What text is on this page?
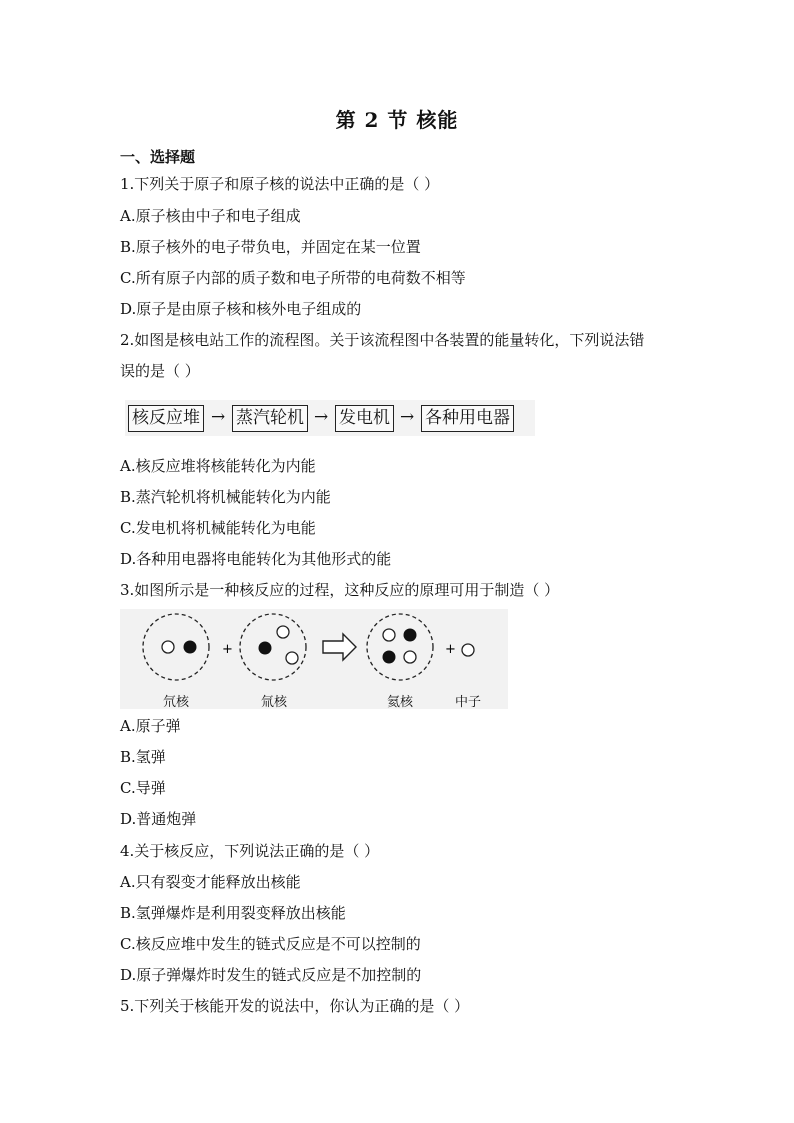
第 2 节 核能
一、选择题
1.下列关于原子和原子核的说法中正确的是（ ）
A.原子核由中子和电子组成
B.原子核外的电子带负电，并固定在某一位置
C.所有原子内部的质子数和电子所带的电荷数不相等
D.原子是由原子核和核外电子组成的
2.如图是核电站工作的流程图。关于该流程图中各装置的能量转化，下列说法错
误的是（ ）
核反应堆 → 蒸汽轮机 → 发电机 → 各种用电器
A.核反应堆将核能转化为内能
B.蒸汽轮机将机械能转化为内能
C.发电机将机械能转化为电能
D.各种用电器将电能转化为其他形式的能
3.如图所示是一种核反应的过程，这种反应的原理可用于制造（ ）
+	+
氘核	氚核	氦核	中子
A.原子弹
B.氢弹
C.导弹
D.普通炮弹
4.关于核反应，下列说法正确的是（ ）
A.只有裂变才能释放出核能
B.氢弹爆炸是利用裂变释放出核能
C.核反应堆中发生的链式反应是不可以控制的
D.原子弹爆炸时发生的链式反应是不加控制的
5.下列关于核能开发的说法中，你认为正确的是（ ）
